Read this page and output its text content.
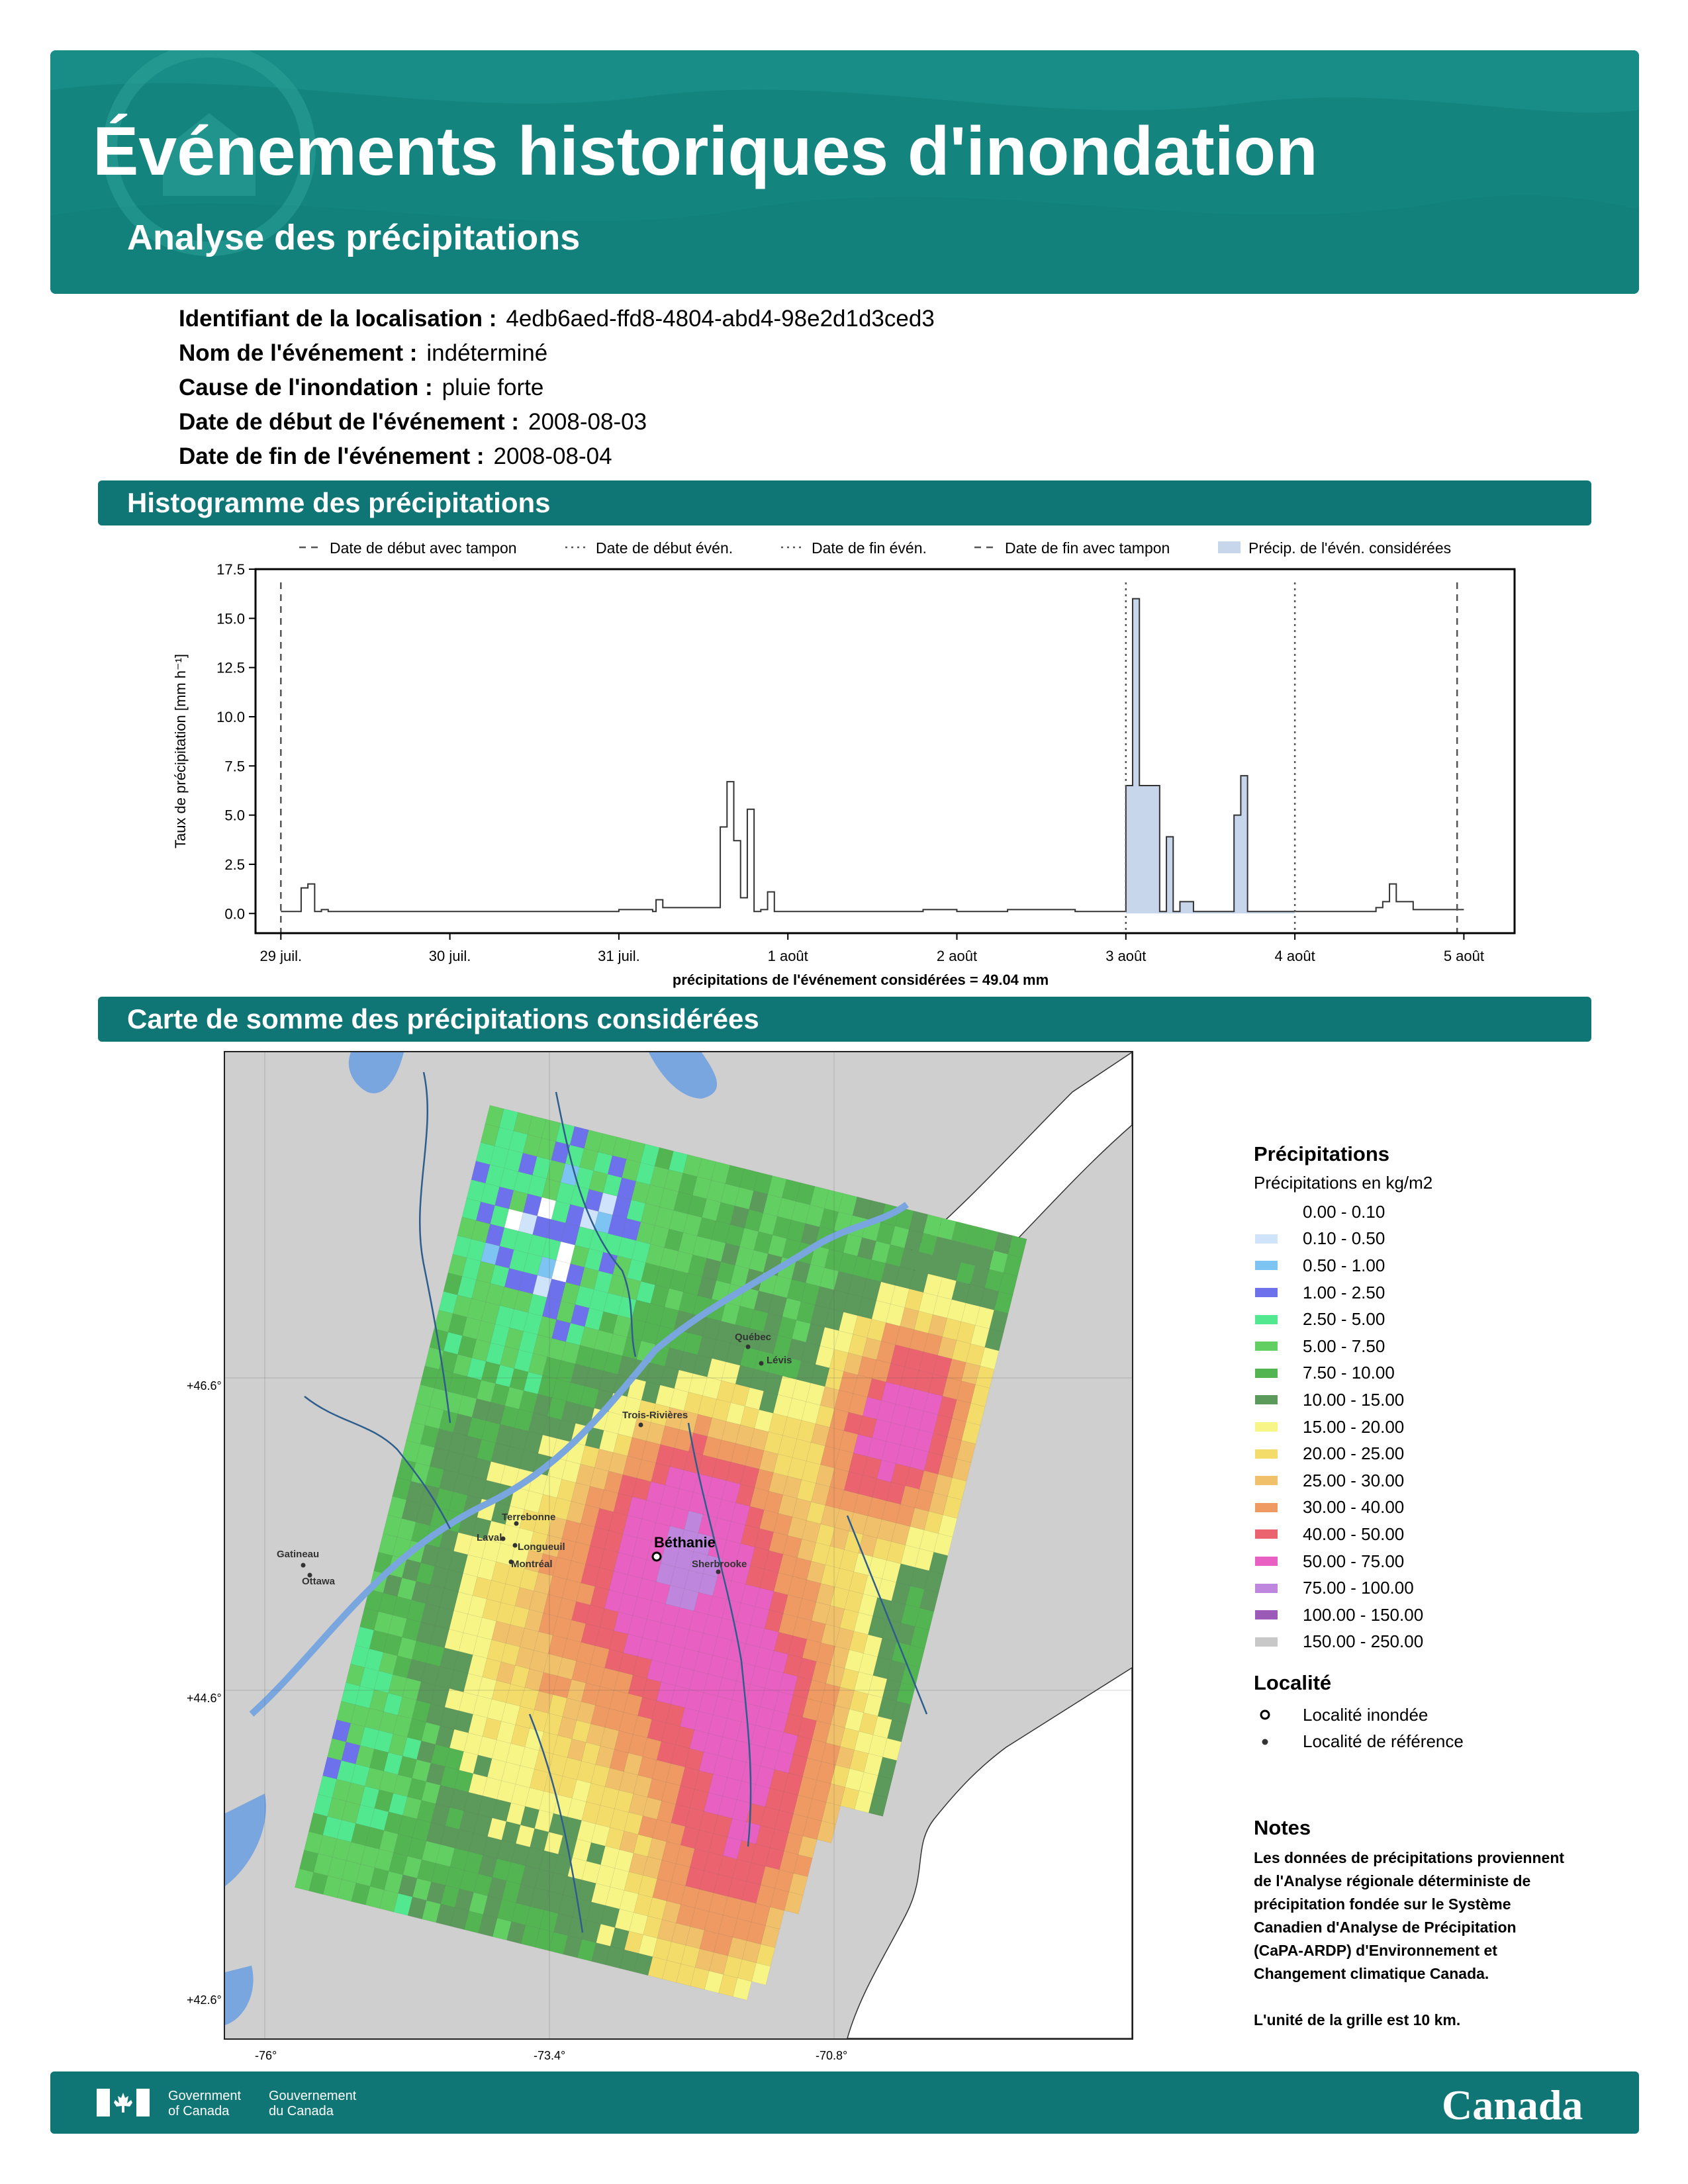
Événements historiques d'inondation
Analyse des précipitations
Identifiant de la localisation : 4edb6aed-ffd8-4804-abd4-98e2d1d3ced3
Nom de l'événement : indéterminé
Cause de l'inondation : pluie forte
Date de début de l'événement : 2008-08-03
Date de fin de l'événement : 2008-08-04
Histogramme des précipitations
Date de début avec tampon	Date de début évén.	Date de fin évén.	Date de fin avec tampon	Précip. de l'évén. considérées
0.0
2.5
5.0
7.5
10.0
12.5
15.0
17.5
29 juil.	30 juil.	31 juil.	1 août	2 août	3 août	4 août	5 août
Taux de précipitation [mm h⁻¹]
précipitations de l'événement considérées = 49.04 mm
Carte de somme des précipitations considérées
Québec
Lévis
Trois-Rivières
Terrebonne
Laval
Longueuil
Montréal
Gatineau
Ottawa
Sherbrooke
Béthanie
+46.6°
+44.6°
+42.6°
-76°	-73.4°	-70.8°
Précipitations
Précipitations en kg/m2
0.00 - 0.10
0.10 - 0.50
0.50 - 1.00
1.00 - 2.50
2.50 - 5.00
5.00 - 7.50
7.50 - 10.00
10.00 - 15.00
15.00 - 20.00
20.00 - 25.00
25.00 - 30.00
30.00 - 40.00
40.00 - 50.00
50.00 - 75.00
75.00 - 100.00
100.00 - 150.00
150.00 - 250.00
Localité
Localité inondée
Localité de référence
Notes
Les données de précipitations proviennent
de l'Analyse régionale déterministe de
précipitation fondée sur le Système
Canadien d'Analyse de Précipitation
(CaPA-ARDP) d'Environnement et
Changement climatique Canada.

L'unité de la grille est 10 km.
Government
of Canada
Gouvernement
du Canada	Canada
